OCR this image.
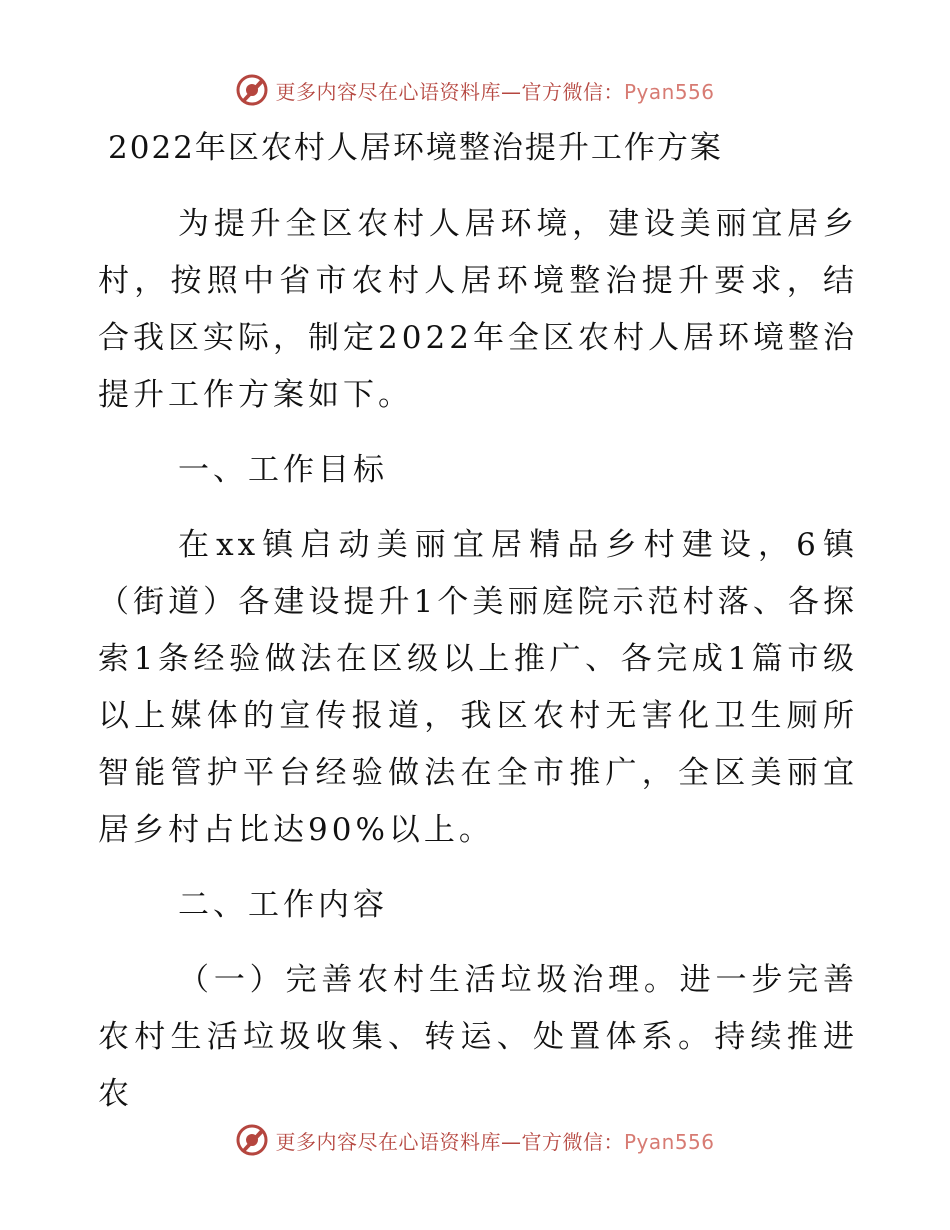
更多内容尽在心语资料库—官方微信：Pyan556

2022年区农村人居环境整治提升工作方案

为提升全区农村人居环境，建设美丽宜居乡村，按照中省市农村人居环境整治提升要求，结合我区实际，制定2022年全区农村人居环境整治提升工作方案如下。

一、工作目标

在xx镇启动美丽宜居精品乡村建设，6镇（街道）各建设提升1个美丽庭院示范村落、各探索1条经验做法在区级以上推广、各完成1篇市级以上媒体的宣传报道，我区农村无害化卫生厕所智能管护平台经验做法在全市推广，全区美丽宜居乡村占比达90%以上。

二、工作内容

（一）完善农村生活垃圾治理。进一步完善农村生活垃圾收集、转运、处置体系。持续推进农

更多内容尽在心语资料库—官方微信：Pyan556
